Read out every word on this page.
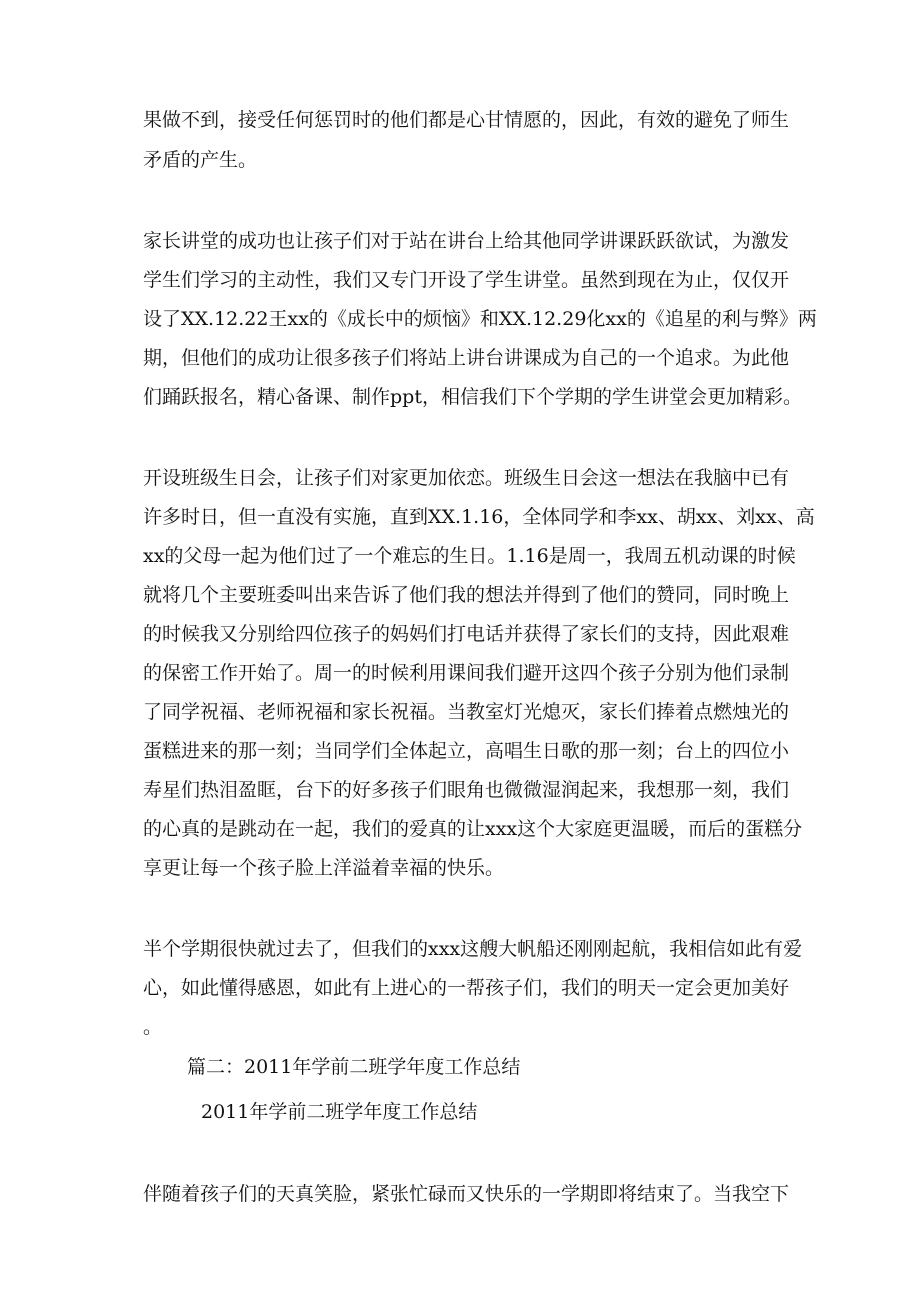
果做不到，接受任何惩罚时的他们都是心甘情愿的，因此，有效的避免了师生
矛盾的产生。
家长讲堂的成功也让孩子们对于站在讲台上给其他同学讲课跃跃欲试，为激发
学生们学习的主动性，我们又专门开设了学生讲堂。虽然到现在为止，仅仅开
设了XX.12.22王xx的《成长中的烦恼》和XX.12.29化xx的《追星的利与弊》两
期，但他们的成功让很多孩子们将站上讲台讲课成为自己的一个追求。为此他
们踊跃报名，精心备课、制作ppt，相信我们下个学期的学生讲堂会更加精彩。
开设班级生日会，让孩子们对家更加依恋。班级生日会这一想法在我脑中已有
许多时日，但一直没有实施，直到XX.1.16，全体同学和李xx、胡xx、刘xx、高
xx的父母一起为他们过了一个难忘的生日。1.16是周一，我周五机动课的时候
就将几个主要班委叫出来告诉了他们我的想法并得到了他们的赞同，同时晚上
的时候我又分别给四位孩子的妈妈们打电话并获得了家长们的支持，因此艰难
的保密工作开始了。周一的时候利用课间我们避开这四个孩子分别为他们录制
了同学祝福、老师祝福和家长祝福。当教室灯光熄灭，家长们捧着点燃烛光的
蛋糕进来的那一刻；当同学们全体起立，高唱生日歌的那一刻；台上的四位小
寿星们热泪盈眶，台下的好多孩子们眼角也微微湿润起来，我想那一刻，我们
的心真的是跳动在一起，我们的爱真的让xxx这个大家庭更温暖，而后的蛋糕分
享更让每一个孩子脸上洋溢着幸福的快乐。
半个学期很快就过去了，但我们的xxx这艘大帆船还刚刚起航，我相信如此有爱
心，如此懂得感恩，如此有上进心的一帮孩子们，我们的明天一定会更加美好
。
篇二：2011年学前二班学年度工作总结
2011年学前二班学年度工作总结
伴随着孩子们的天真笑脸，紧张忙碌而又快乐的一学期即将结束了。当我空下
